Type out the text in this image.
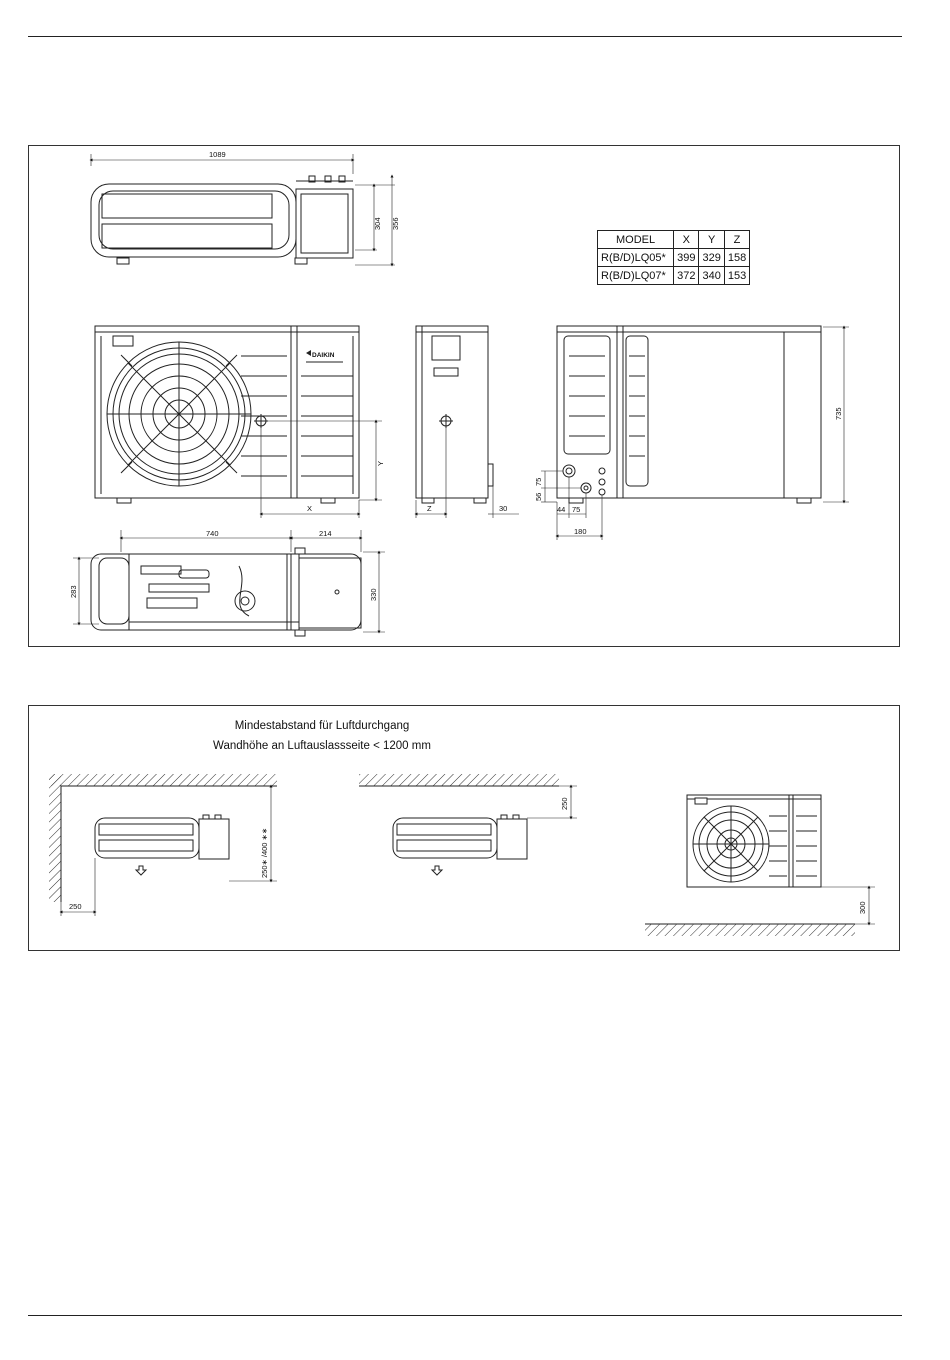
DAIKIN
1089
304 356
X
Y
Z	30
735
56
75
44 75
180
740	214
283	330
MODEL	X	Y	Z
R(B/D)LQ05*	399	329	158
R(B/D)LQ07*	372	340	153
Mindestabstand für Luftdurchgang
Wandhöhe an Luftauslassseite < 1200 mm
250
250∗ /400 ∗∗
250
300
